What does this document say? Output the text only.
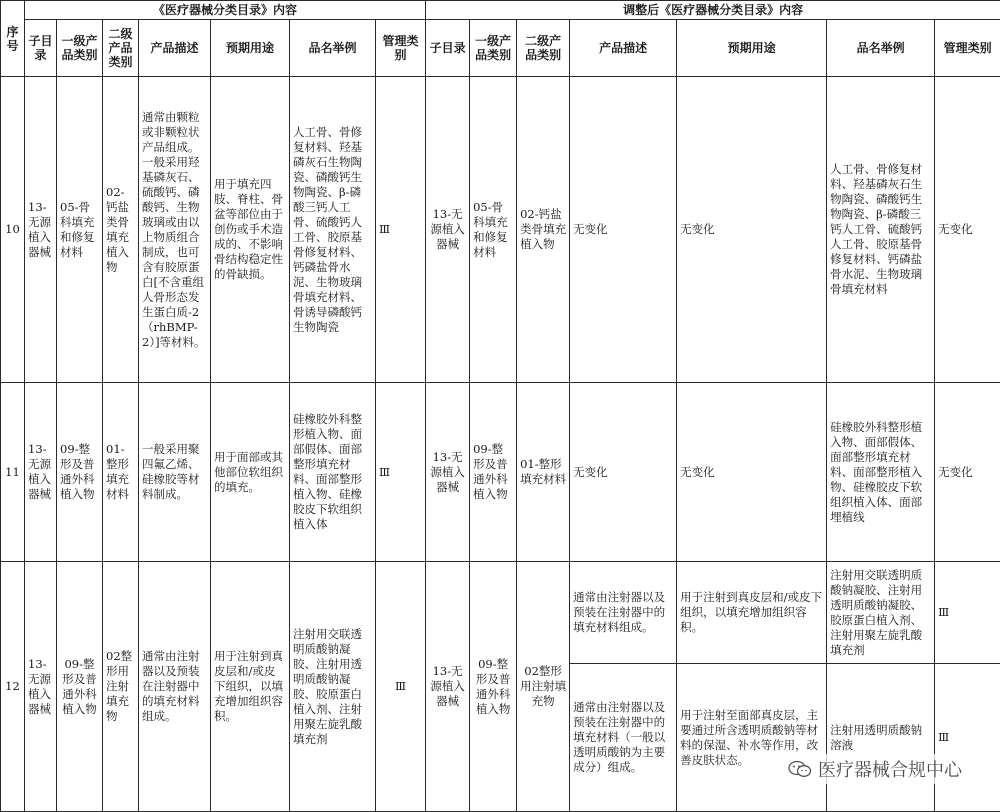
序号	《医疗器械分类目录》内容							调整后《医疗器械分类目录》内容						
	子目录	一级产品类别	二级产品类别	产品描述	预期用途	品名举例	管理类别	子目录	一级产品类别	二级产品类别	产品描述	预期用途	品名举例	管理类别
10	13-无源植入器械	05-骨科填充和修复材料	02-钙盐类骨填充植入物	通常由颗粒或非颗粒状产品组成。一般采用羟基磷灰石、硫酸钙、磷酸钙、生物玻璃或由以上物质组合制成，也可含有胶原蛋白[不含重组人骨形态发生蛋白质-2（rhBMP-2）]等材料。	用于填充四肢、脊柱、骨盆等部位由于创伤或手术造成的、不影响骨结构稳定性的骨缺损。	人工骨、骨修复材料、羟基磷灰石生物陶瓷、磷酸钙生物陶瓷、β-磷酸三钙人工骨、硫酸钙人工骨、胶原基骨修复材料、钙磷盐骨水泥、生物玻璃骨填充材料、骨诱导磷酸钙生物陶瓷	Ⅲ	13-无源植入器械	05-骨科填充和修复材料	02-钙盐类骨填充植入物	无变化	无变化	人工骨、骨修复材料、羟基磷灰石生物陶瓷、磷酸钙生物陶瓷、β-磷酸三钙人工骨、硫酸钙人工骨、胶原基骨修复材料、钙磷盐骨水泥、生物玻璃骨填充材料	无变化
11	13-无源植入器械	09-整形及普通外科植入物	01-整形填充材料	一般采用聚四氟乙烯、硅橡胶等材料制成。	用于面部或其他部位软组织的填充。	硅橡胶外科整形植入物、面部假体、面部整形填充材料、面部整形植入物、硅橡胶皮下软组织植入体	Ⅲ	13-无源植入器械	09-整形及普通外科植入物	01-整形填充材料	无变化	无变化	硅橡胶外科整形植入物、面部假体、面部整形填充材料、面部整形植入物、硅橡胶皮下软组织植入体、面部埋植线	无变化
12	13-无源植入器械	09-整形及普通外科植入物	02整形用注射填充物	通常由注射器以及预装在注射器中的填充材料组成。	用于注射到真皮层和/或皮下组织，以填充增加组织容积。	注射用交联透明质酸钠凝胶、注射用透明质酸钠凝胶、胶原蛋白植入剂、注射用聚左旋乳酸填充剂	Ⅲ	13-无源植入器械	09-整形及普通外科植入物	02整形用注射填充物	通常由注射器以及预装在注射器中的填充材料组成。	用于注射到真皮层和/或皮下组织，以填充增加组织容积。	注射用交联透明质酸钠凝胶、注射用透明质酸钠凝胶、胶原蛋白植入剂、注射用聚左旋乳酸填充剂	Ⅲ
											通常由注射器以及预装在注射器中的填充材料（一般以透明质酸钠为主要成分）组成。	用于注射至面部真皮层，主要通过所含透明质酸钠等材料的保湿、补水等作用，改善皮肤状态。	注射用透明质酸钠溶液	Ⅲ
医疗器械合规中心
